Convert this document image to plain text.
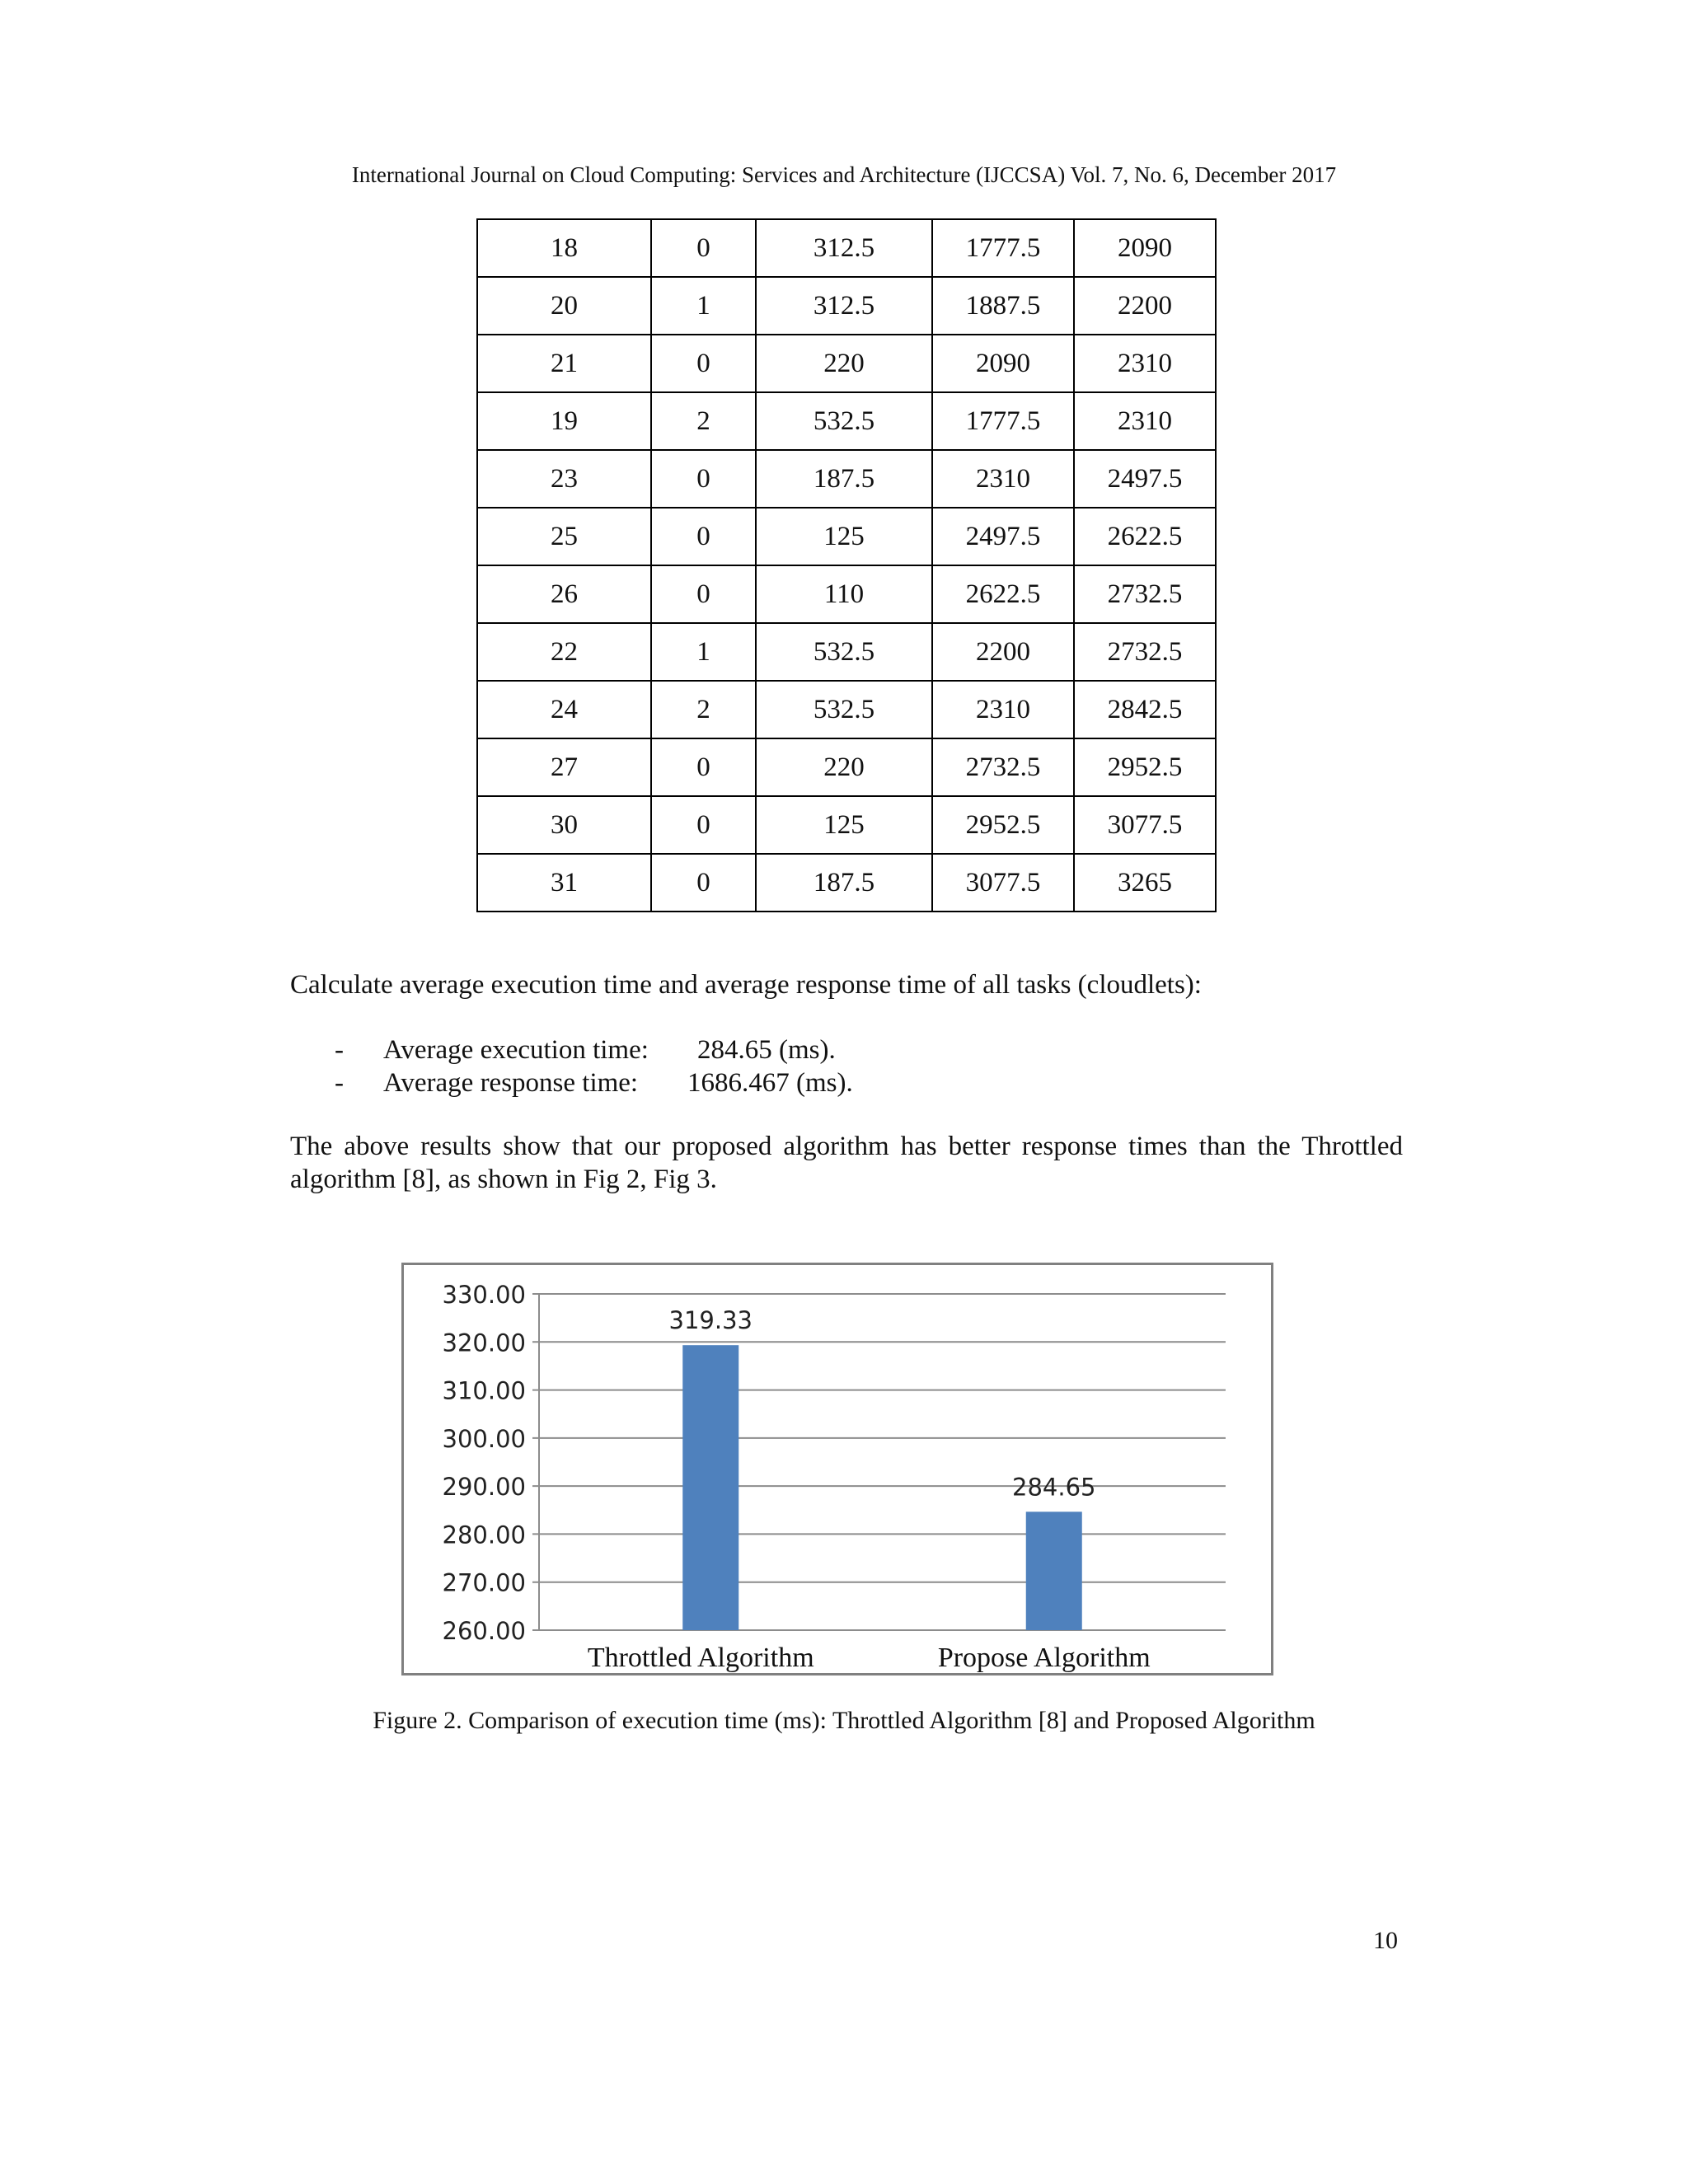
International Journal on Cloud Computing: Services and Architecture (IJCCSA) Vol. 7, No. 6, December 2017
18	0	312.5	1777.5	2090
20	1	312.5	1887.5	2200
21	0	220	2090	2310
19	2	532.5	1777.5	2310
23	0	187.5	2310	2497.5
25	0	125	2497.5	2622.5
26	0	110	2622.5	2732.5
22	1	532.5	2200	2732.5
24	2	532.5	2310	2842.5
27	0	220	2732.5	2952.5
30	0	125	2952.5	3077.5
31	0	187.5	3077.5	3265
Calculate average execution time and average response time of all tasks (cloudlets):
- Average execution time: 284.65 (ms).
- Average response time: 1686.467 (ms).
The above results show that our proposed algorithm has better response times than the Throttled algorithm [8], as shown in Fig 2, Fig 3.
260.00
270.00
280.00
290.00
300.00
310.00
320.00
330.00
319.33
Throttled Algorithm
284.65
Propose Algorithm
Figure 2. Comparison of execution time (ms): Throttled Algorithm [8] and Proposed Algorithm
10
